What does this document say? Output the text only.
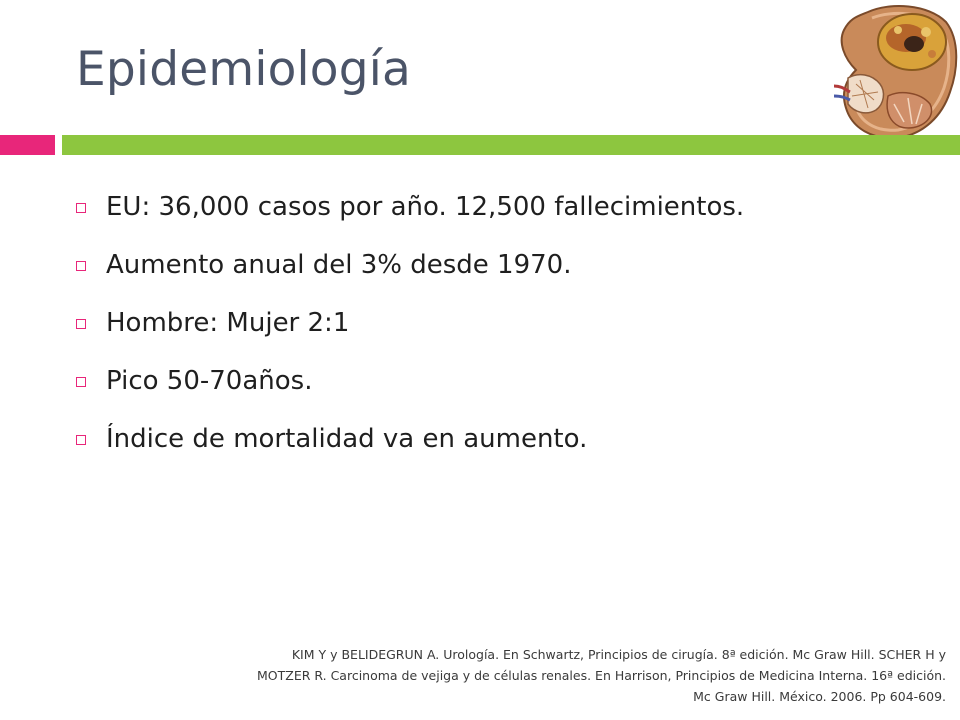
Epidemiología
EU: 36,000 casos por año. 12,500 fallecimientos.
Aumento anual del 3% desde 1970.
Hombre: Mujer 2:1
Pico 50-70años.
Índice de mortalidad va en aumento.

KIM Y y BELIDEGRUN A. Urología. En Schwartz, Principios de cirugía. 8ª edición. Mc Graw Hill. SCHER H y MOTZER R. Carcinoma de vejiga y de células renales. En Harrison, Principios de Medicina Interna. 16ª edición. Mc Graw Hill. México. 2006. Pp 604-609.
